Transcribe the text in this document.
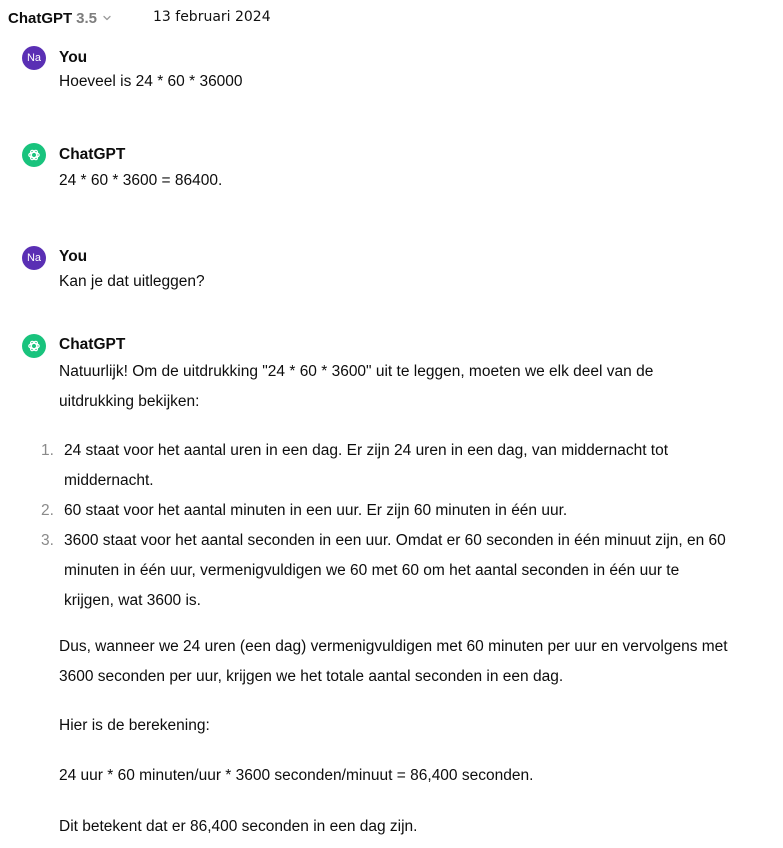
ChatGPT 3.5	13 februari 2024
Na You
Hoeveel is 24 * 60 * 36000
ChatGPT
24 * 60 * 3600 = 86400.
Na You
Kan je dat uitleggen?
ChatGPT

Natuurlijk! Om de uitdrukking "24 * 60 * 3600" uit te leggen, moeten we elk deel van de

uitdrukking bekijken:

1. 24 staat voor het aantal uren in een dag. Er zijn 24 uren in een dag, van middernacht tot
middernacht.
2. 60 staat voor het aantal minuten in een uur. Er zijn 60 minuten in één uur.
3. 3600 staat voor het aantal seconden in een uur. Omdat er 60 seconden in één minuut zijn, en 60
minuten in één uur, vermenigvuldigen we 60 met 60 om het aantal seconden in één uur te
krijgen, wat 3600 is.

Dus, wanneer we 24 uren (een dag) vermenigvuldigen met 60 minuten per uur en vervolgens met

3600 seconden per uur, krijgen we het totale aantal seconden in een dag.

Hier is de berekening:
24 uur * 60 minuten/uur * 3600 seconden/minuut = 86,400 seconden.
Dit betekent dat er 86,400 seconden in een dag zijn.
